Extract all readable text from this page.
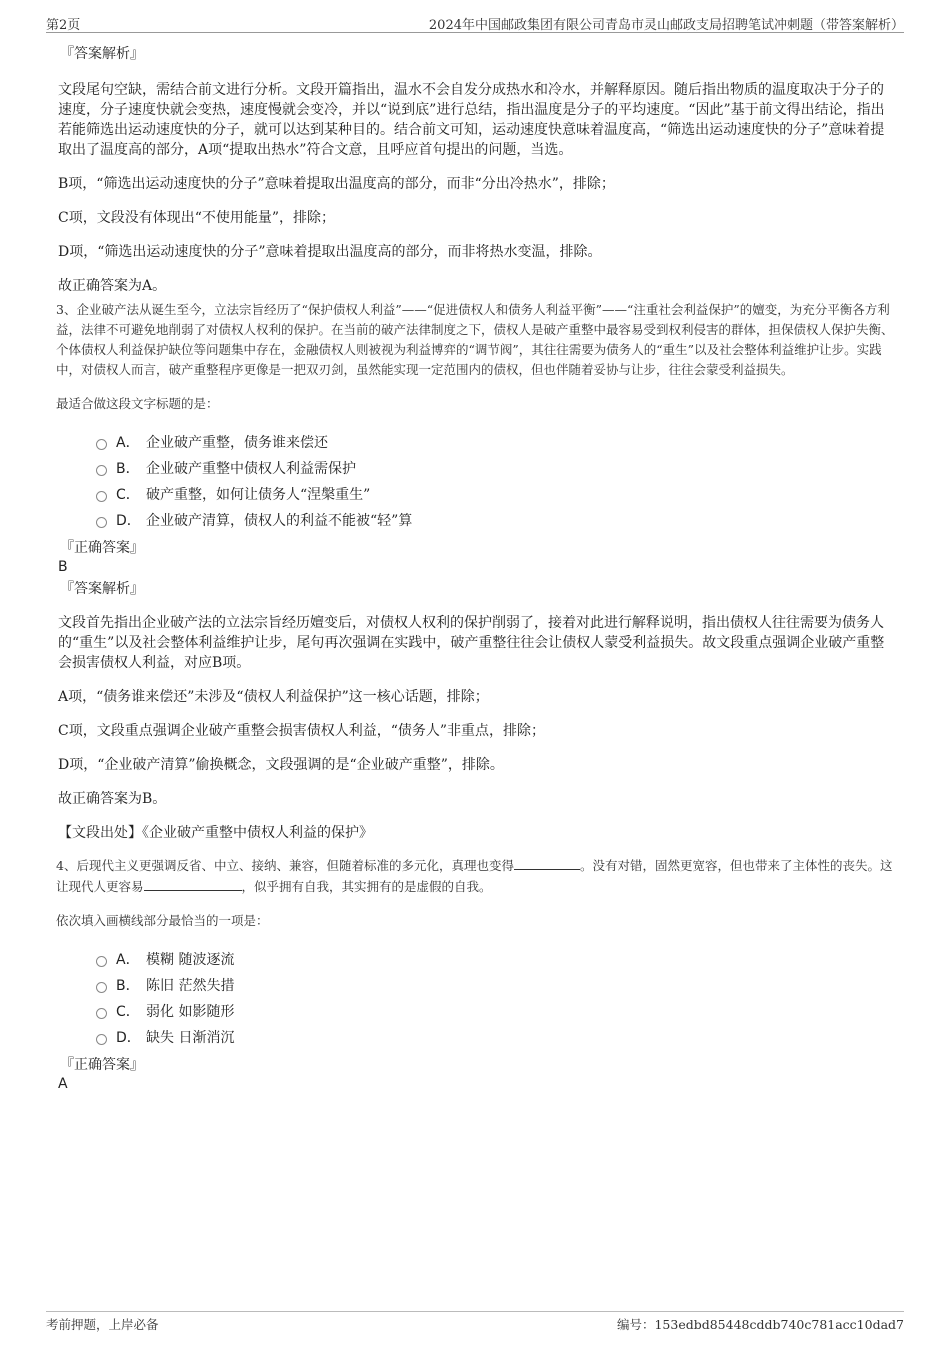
第2页	2024年中国邮政集团有限公司青岛市灵山邮政支局招聘笔试冲刺题（带答案解析）

『答案解析』

文段尾句空缺，需结合前文进行分析。文段开篇指出，温水不会自发分成热水和冷水，并解释原因。随后指出物质的温度取决于分子的速度，分子速度快就会变热，速度慢就会变冷，并以“说到底”进行总结，指出温度是分子的平均速度。“因此”基于前文得出结论，指出若能筛选出运动速度快的分子，就可以达到某种目的。结合前文可知，运动速度快意味着温度高，“筛选出运动速度快的分子”意味着提取出了温度高的部分，A项“提取出热水”符合文意，且呼应首句提出的问题，当选。

B项，“筛选出运动速度快的分子”意味着提取出温度高的部分，而非“分出冷热水”，排除；

C项，文段没有体现出“不使用能量”，排除；

D项，“筛选出运动速度快的分子”意味着提取出温度高的部分，而非将热水变温，排除。

故正确答案为A。

3、企业破产法从诞生至今，立法宗旨经历了“保护债权人利益”——“促进债权人和债务人利益平衡”——“注重社会利益保护”的嬗变，为充分平衡各方利益，法律不可避免地削弱了对债权人权利的保护。在当前的破产法律制度之下，债权人是破产重整中最容易受到权利侵害的群体，担保债权人保护失衡、个体债权人利益保护缺位等问题集中存在，金融债权人则被视为利益博弈的“调节阀”，其往往需要为债务人的“重生”以及社会整体利益维护让步。实践中，对债权人而言，破产重整程序更像是一把双刃剑，虽然能实现一定范围内的债权，但也伴随着妥协与让步，往往会蒙受利益损失。

最适合做这段文字标题的是：

A． 企业破产重整，债务谁来偿还
B． 企业破产重整中债权人利益需保护
C． 破产重整，如何让债务人“涅槃重生”
D． 企业破产清算，债权人的利益不能被“轻”算

『正确答案』

B

『答案解析』

文段首先指出企业破产法的立法宗旨经历嬗变后，对债权人权利的保护削弱了，接着对此进行解释说明，指出债权人往往需要为债务人的“重生”以及社会整体利益维护让步，尾句再次强调在实践中，破产重整往往会让债权人蒙受利益损失。故文段重点强调企业破产重整会损害债权人利益，对应B项。

A项，“债务谁来偿还”未涉及“债权人利益保护”这一核心话题，排除；

C项，文段重点强调企业破产重整会损害债权人利益，“债务人”非重点，排除；

D项，“企业破产清算”偷换概念，文段强调的是“企业破产重整”，排除。

故正确答案为B。

【文段出处】《企业破产重整中债权人利益的保护》

4、后现代主义更强调反省、中立、接纳、兼容，但随着标准的多元化，真理也变得	。没有对错，固然更宽容，但也带来了主体性的丧失。这让现代人更容易	，似乎拥有自我，其实拥有的是虚假的自我。

依次填入画横线部分最恰当的一项是：

A． 模糊 随波逐流
B． 陈旧 茫然失措
C． 弱化 如影随形
D． 缺失 日渐消沉

『正确答案』

A

考前押题，上岸必备	编号：153edbd85448cddb740c781acc10dad7
